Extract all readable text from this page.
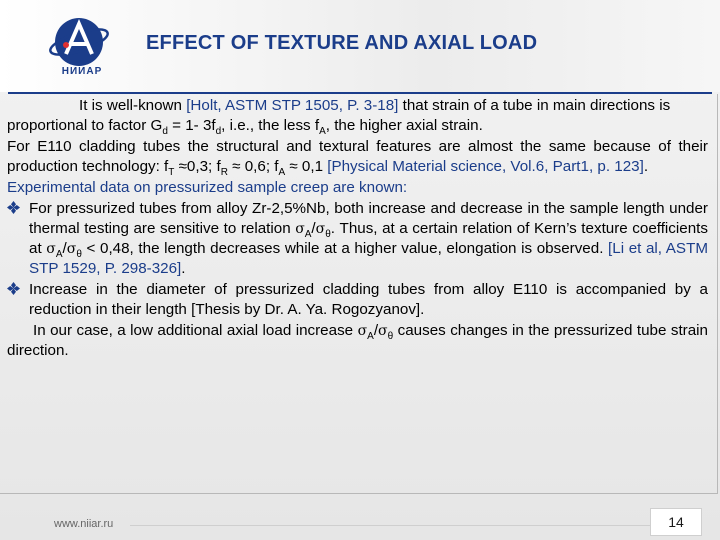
НИИАР
EFFECT OF TEXTURE AND AXIAL LOAD

It is well-known [Holt, ASTM STP 1505, P. 3-18] that strain of a tube in main directions is proportional to factor $G_d = 1-$ $3f_d$, i.e., the less $f_A$, the higher axial strain.

For E110 cladding tubes the structural and textural features are almost the same because of their production technology: $f_T \approx 0,3$; $f_R \approx 0,6$; $f_A \approx 0,1$ [Physical Material science, Vol.6, Part1, p. 123].

Experimental data on pressurized sample creep are known:

For pressurized tubes from alloy Zr-2,5%Nb, both increase and decrease in the sample length under thermal testing are sensitive to relation $\sigma_A/\sigma_\theta$. Thus, at a certain relation of Kern’s texture coefficients at $\sigma_A/\sigma_\theta < 0,48$, the length decreases while at a higher value, elongation is observed. [Li et al, ASTM STP 1529, P. 298-326].

Increase in the diameter of pressurized cladding tubes from alloy E110 is accompanied by a reduction in their length [Thesis by Dr. A. Ya. Rogozyanov].

In our case, a low additional axial load increase $\sigma_A/\sigma_\theta$ causes changes in the pressurized tube strain direction.

www.niiar.ru	14
